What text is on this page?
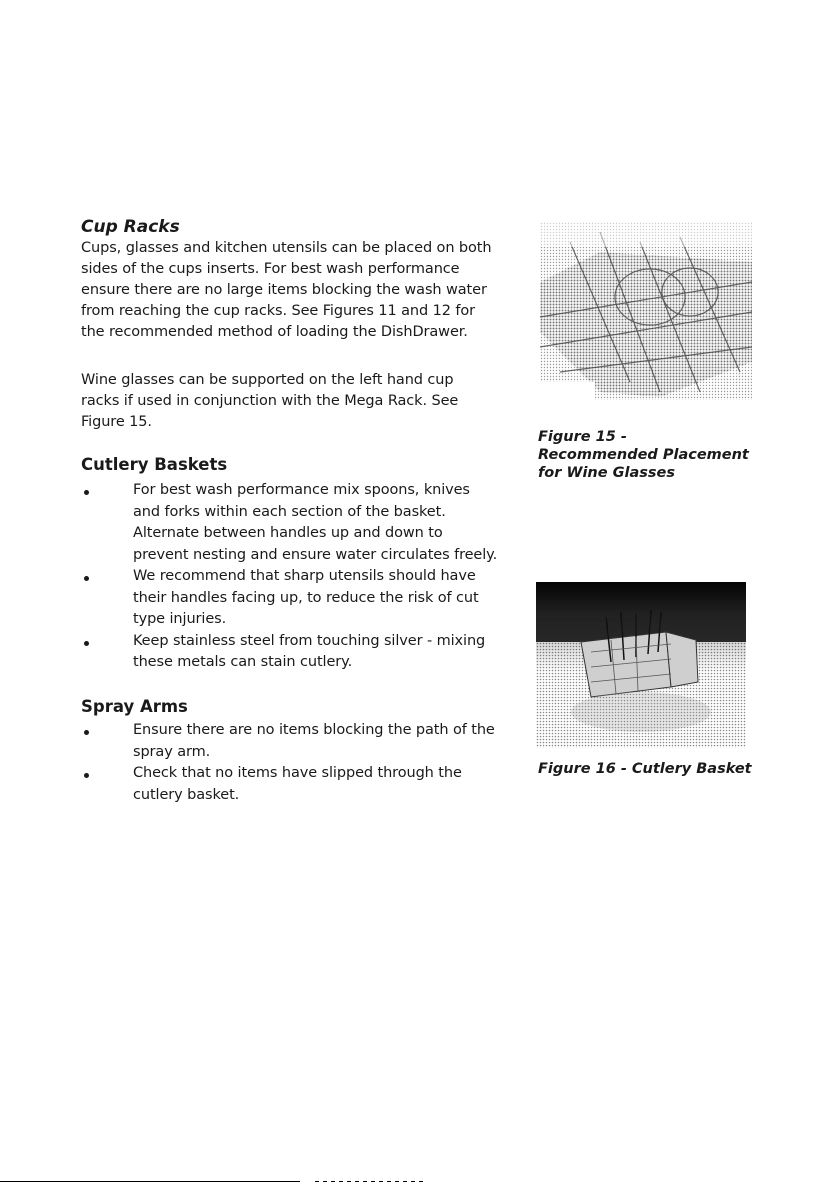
Cup Racks
Cups, glasses and kitchen utensils can be placed on both
sides of the cups inserts. For best wash performance
ensure there are no large items blocking the wash water
from reaching the cup racks. See Figures 11 and 12 for
the recommended method of loading the DishDrawer.
Wine glasses can be supported on the left hand cup
racks if used in conjunction with the Mega Rack. See
Figure 15.
Cutlery Baskets
For best wash performance mix spoons, knives
and forks within each section of the basket.
Alternate between handles up and down to
prevent nesting and ensure water circulates freely.
We recommend that sharp utensils should have
their handles facing up, to reduce the risk of cut
type injuries.
Keep stainless steel from touching silver - mixing
these metals can stain cutlery.
Spray Arms
Ensure there are no items blocking the path of the
spray arm.
Check that no items have slipped through the
cutlery basket.
Figure 15 -
Recommended Placement
for Wine Glasses
Figure 16 - Cutlery Basket
